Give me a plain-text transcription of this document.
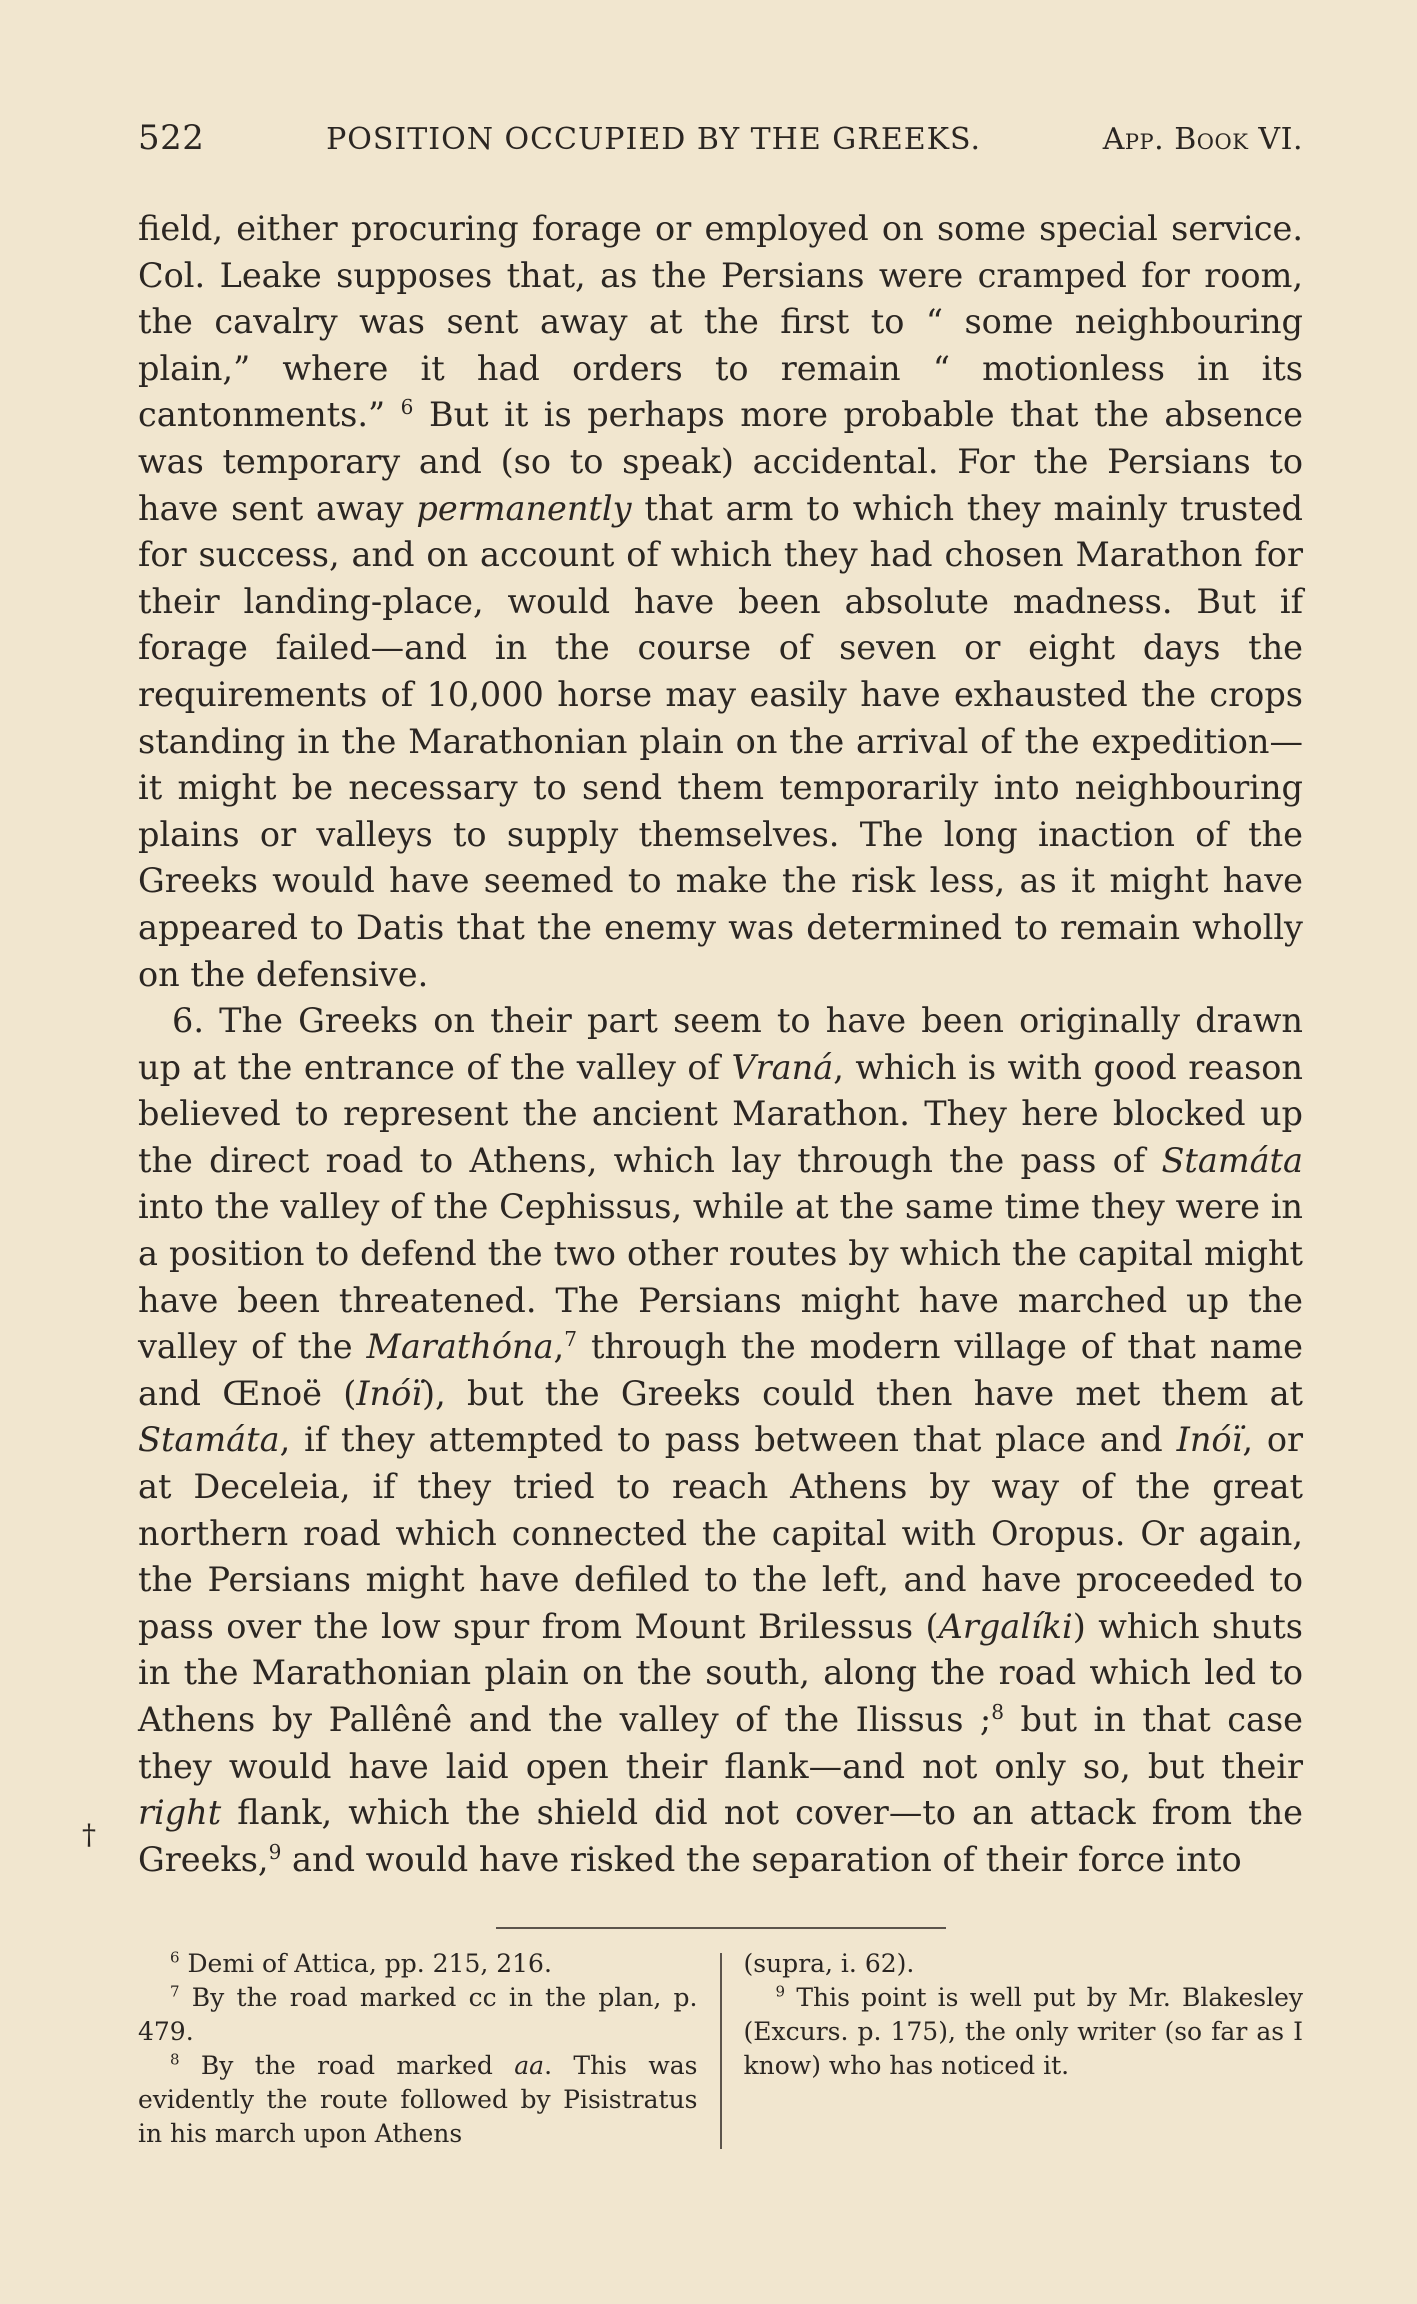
522	POSITION OCCUPIED BY THE GREEKS.	App. Book VI.

field, either procuring forage or employed on some special service. Col. Leake supposes that, as the Persians were cramped for room, the cavalry was sent away at the first to “ some neighbouring plain,” where it had orders to remain “ motionless in its cantonments.” $^6$ But it is perhaps more probable that the absence was temporary and (so to speak) accidental. For the Persians to have sent away permanently that arm to which they mainly trusted for success, and on account of which they had chosen Marathon for their landing-place, would have been absolute madness. But if forage failed—and in the course of seven or eight days the requirements of 10,000 horse may easily have exhausted the crops standing in the Marathonian plain on the arrival of the expedition—it might be necessary to send them temporarily into neighbouring plains or valleys to supply themselves. The long inaction of the Greeks would have seemed to make the risk less, as it might have appeared to Datis that the enemy was determined to remain wholly on the defensive.

6. The Greeks on their part seem to have been originally drawn up at the entrance of the valley of Vraná, which is with good reason believed to represent the ancient Marathon. They here blocked up the direct road to Athens, which lay through the pass of Stamáta into the valley of the Cephissus, while at the same time they were in a position to defend the two other routes by which the capital might have been threatened. The Persians might have marched up the valley of the Marathóna,$^7$ through the modern village of that name and Œnoë (Inóï), but the Greeks could then have met them at Stamáta, if they attempted to pass between that place and Inóï, or at Deceleia, if they tried to reach Athens by way of the great northern road which connected the capital with Oropus. Or again, the Persians might have defiled to the left, and have proceeded to pass over the low spur from Mount Brilessus (Argalíki) which shuts in the Marathonian plain on the south, along the road which led to Athens by Pallênê and the valley of the Ilissus ;$^8$ but in that case they would have laid open their flank—and not only so, but their right flank, which the shield did not cover—to an attack from the Greeks,$^9$ and would have risked the separation of their force into

$^6$ Demi of Attica, pp. 215, 216.

$^7$ By the road marked cc in the plan, p. 479.

$^8$ By the road marked aa. This was evidently the route followed by Pisistratus in his march upon Athens

(supra, i. 62).

$^9$ This point is well put by Mr. Blakesley (Excurs. p. 175), the only writer (so far as I know) who has noticed it.

†
